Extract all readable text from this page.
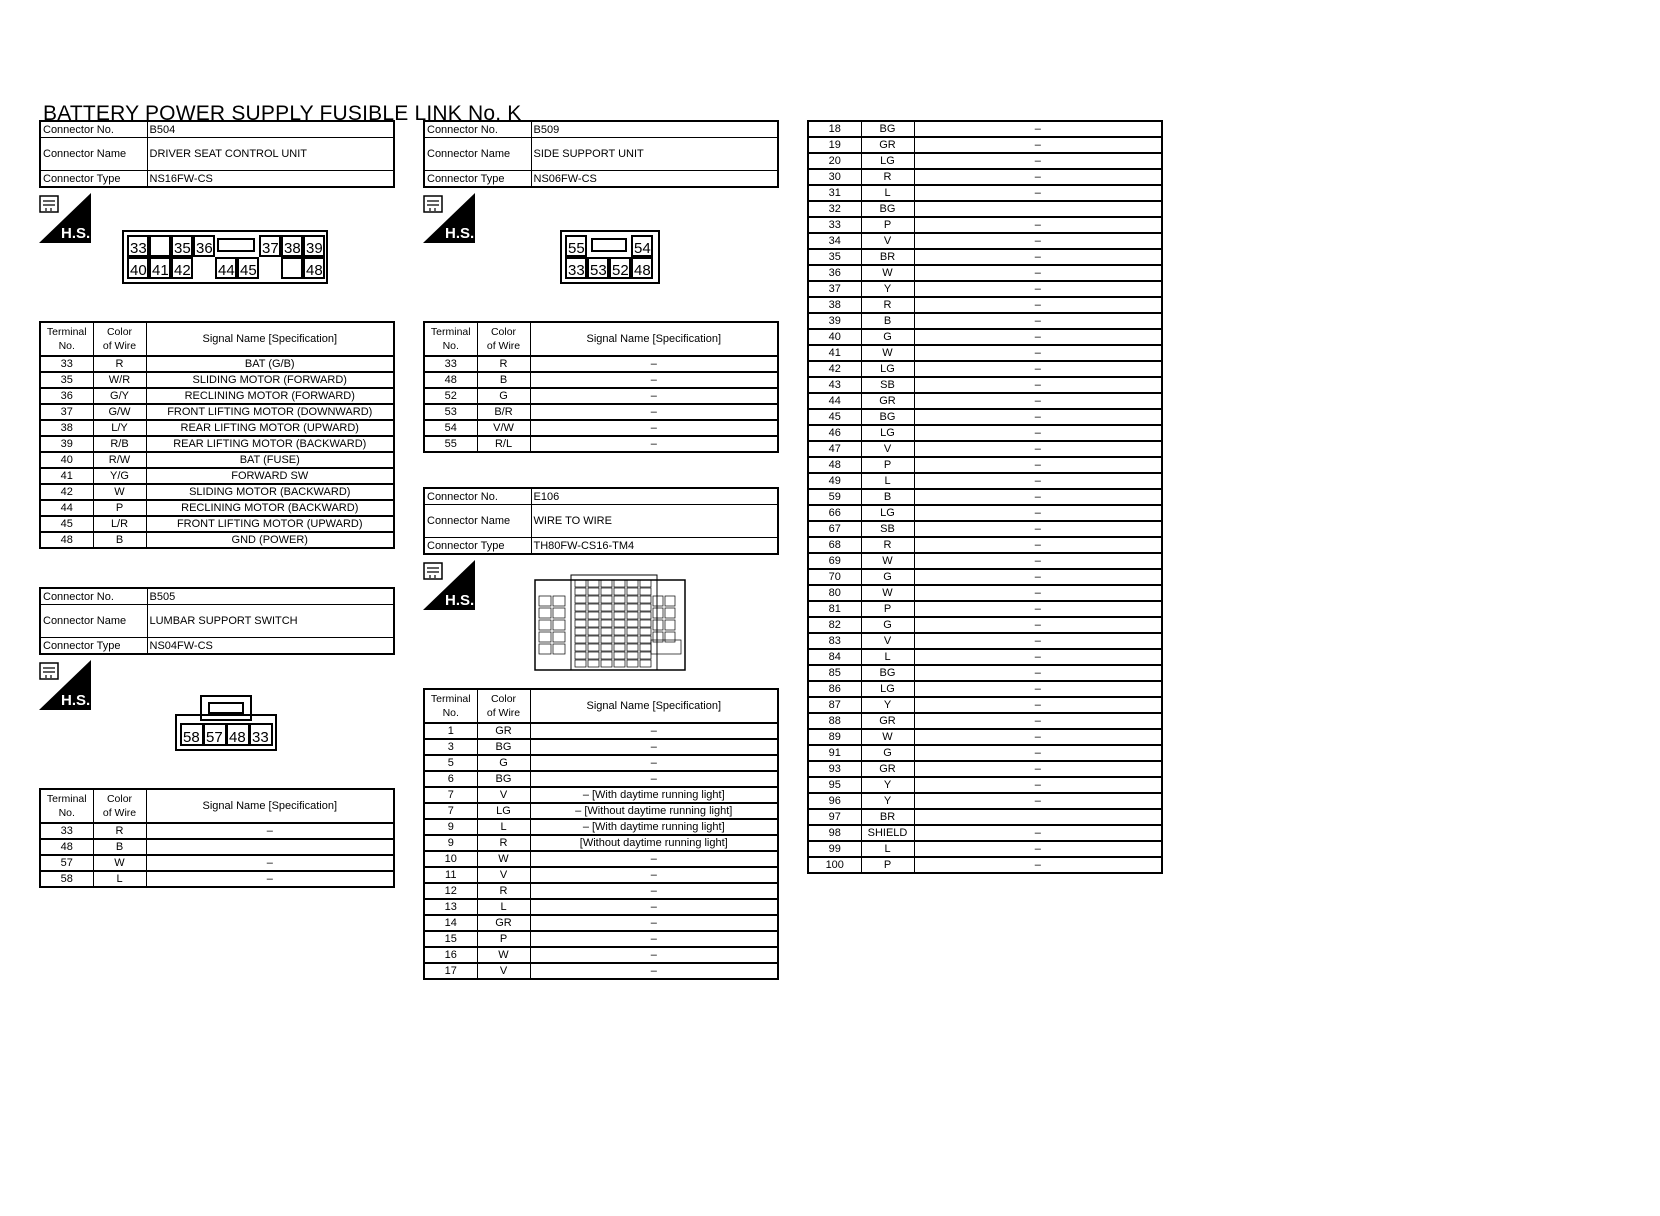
BATTERY POWER SUPPLY FUSIBLE LINK No. K
Connector No.	B504
Connector Name	DRIVER SEAT CONTROL UNIT
Connector Type	NS16FW-CS
H.S.
33 35 36	37 38 39
40 41 42 44 45	48
Terminal
No.	Color
of Wire	Signal Name [Specification]
33	R	BAT (G/B)
35	W/R	SLIDING MOTOR (FORWARD)
36	G/Y	RECLINING MOTOR (FORWARD)
37	G/W	FRONT LIFTING MOTOR (DOWNWARD)
38	L/Y	REAR LIFTING MOTOR (UPWARD)
39	R/B	REAR LIFTING MOTOR (BACKWARD)
40	R/W	BAT (FUSE)
41	Y/G	FORWARD SW
42	W	SLIDING MOTOR (BACKWARD)
44	P	RECLINING MOTOR (BACKWARD)
45	L/R	FRONT LIFTING MOTOR (UPWARD)
48	B	GND (POWER)
Connector No.	B505
Connector Name	LUMBAR SUPPORT SWITCH
Connector Type	NS04FW-CS
H.S.
58 57 48 33
Terminal
No.	Color
of Wire	Signal Name [Specification]
33	R	–
48	B	
57	W	–
58	L	–
Connector No.	B509
Connector Name	SIDE SUPPORT UNIT
Connector Type	NS06FW-CS
H.S.
55	54
33 53 52 48
Terminal
No.	Color
of Wire	Signal Name [Specification]
33	R	–
48	B	–
52	G	–
53	B/R	–
54	V/W	–
55	R/L	–
Connector No.	E106
Connector Name	WIRE TO WIRE
Connector Type	TH80FW-CS16-TM4
H.S.
Terminal
No.	Color
of Wire	Signal Name [Specification]
1	GR	–
3	BG	–
5	G	–
6	BG	–
7	V	– [With daytime running light]
7	LG	– [Without daytime running light]
9	L	– [With daytime running light]
9	R	[Without daytime running light]
10	W	–
11	V	–
12	R	–
13	L	–
14	GR	–
15	P	–
16	W	–
17	V	–
18	BG	–
19	GR	–
20	LG	–
30	R	–
31	L	–
32	BG	
33	P	–
34	V	–
35	BR	–
36	W	–
37	Y	–
38	R	–
39	B	–
40	G	–
41	W	–
42	LG	–
43	SB	–
44	GR	–
45	BG	–
46	LG	–
47	V	–
48	P	–
49	L	–
59	B	–
66	LG	–
67	SB	–
68	R	–
69	W	–
70	G	–
80	W	–
81	P	–
82	G	–
83	V	–
84	L	–
85	BG	–
86	LG	–
87	Y	–
88	GR	–
89	W	–
91	G	–
93	GR	–
95	Y	–
96	Y	–
97	BR	
98	SHIELD	–
99	L	–
100	P	–
